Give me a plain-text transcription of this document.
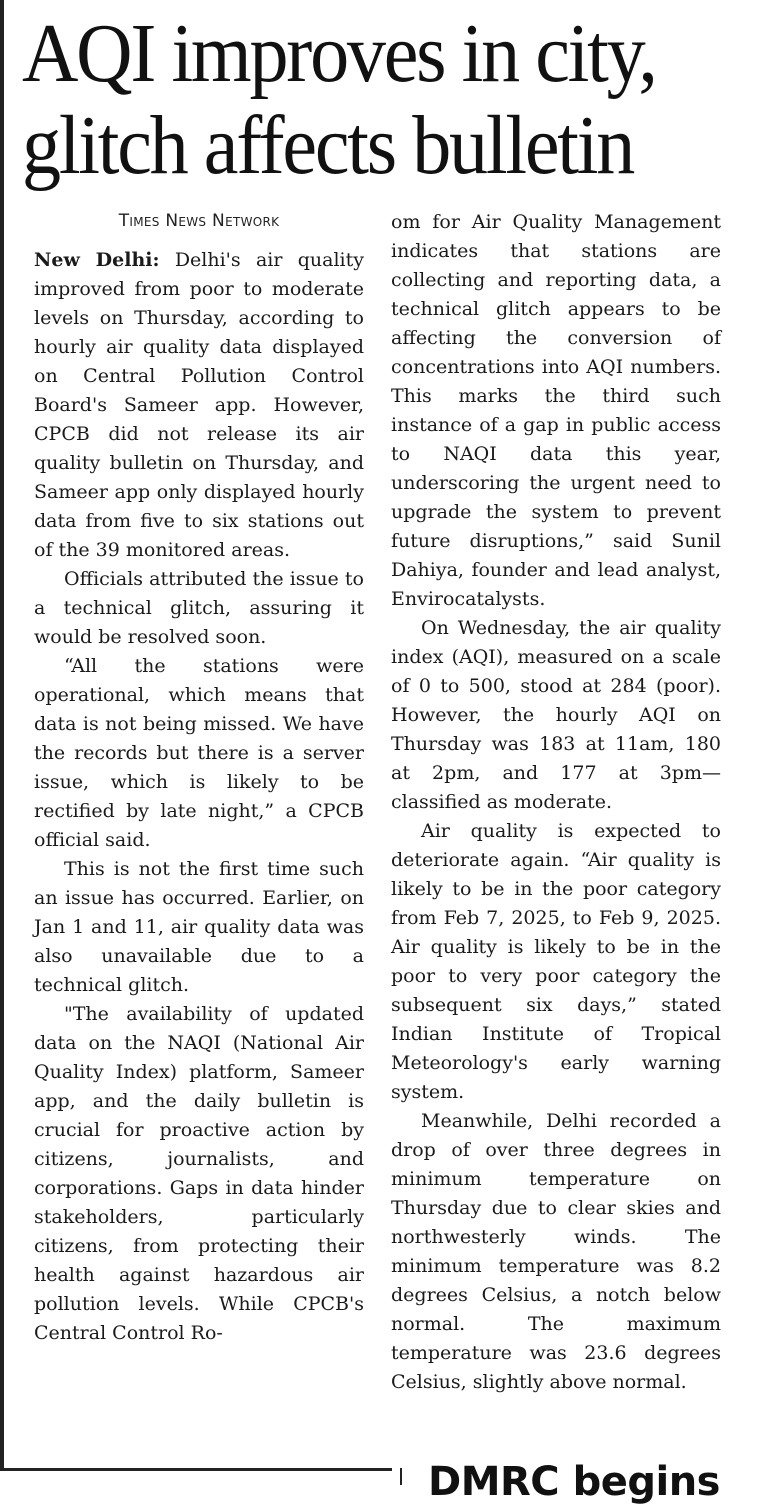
AQI improves in city, glitch affects bulletin
Times News Network

New Delhi: Delhi's air quality improved from poor to moderate levels on Thursday, according to hourly air quality data displayed on Central Pollution Control Board's Sameer app. However, CPCB did not release its air quality bulletin on Thursday, and Sameer app only displayed hourly data from five to six stations out of the 39 monitored areas.

Officials attributed the issue to a technical glitch, assuring it would be resolved soon.

“All the stations were operational, which means that data is not being missed. We have the records but there is a server issue, which is likely to be rectified by late night,” a CPCB official said.

This is not the first time such an issue has occurred. Earlier, on Jan 1 and 11, air quality data was also unavailable due to a technical glitch.

"The availability of updated data on the NAQI (National Air Quality Index) platform, Sameer app, and the daily bulletin is crucial for proactive action by citizens, journalists, and corporations. Gaps in data hinder stakeholders, particularly citizens, from protecting their health against hazardous air pollution levels. While CPCB's Central Control Ro-

om for Air Quality Management indicates that stations are collecting and reporting data, a technical glitch appears to be affecting the conversion of concentrations into AQI numbers. This marks the third such instance of a gap in public access to NAQI data this year, underscoring the urgent need to upgrade the system to prevent future disruptions,” said Sunil Dahiya, founder and lead analyst, Envirocatalysts.

On Wednesday, the air quality index (AQI), measured on a scale of 0 to 500, stood at 284 (poor). However, the hourly AQI on Thursday was 183 at 11am, 180 at 2pm, and 177 at 3pm—classified as moderate.

Air quality is expected to deteriorate again. “Air quality is likely to be in the poor category from Feb 7, 2025, to Feb 9, 2025. Air quality is likely to be in the poor to very poor category the subsequent six days,” stated Indian Institute of Tropical Meteorology's early warning system.

Meanwhile, Delhi recorded a drop of over three degrees in minimum temperature on Thursday due to clear skies and northwesterly winds. The minimum temperature was 8.2 degrees Celsius, a notch below normal. The maximum temperature was 23.6 degrees Celsius, slightly above normal.

DMRC begins
